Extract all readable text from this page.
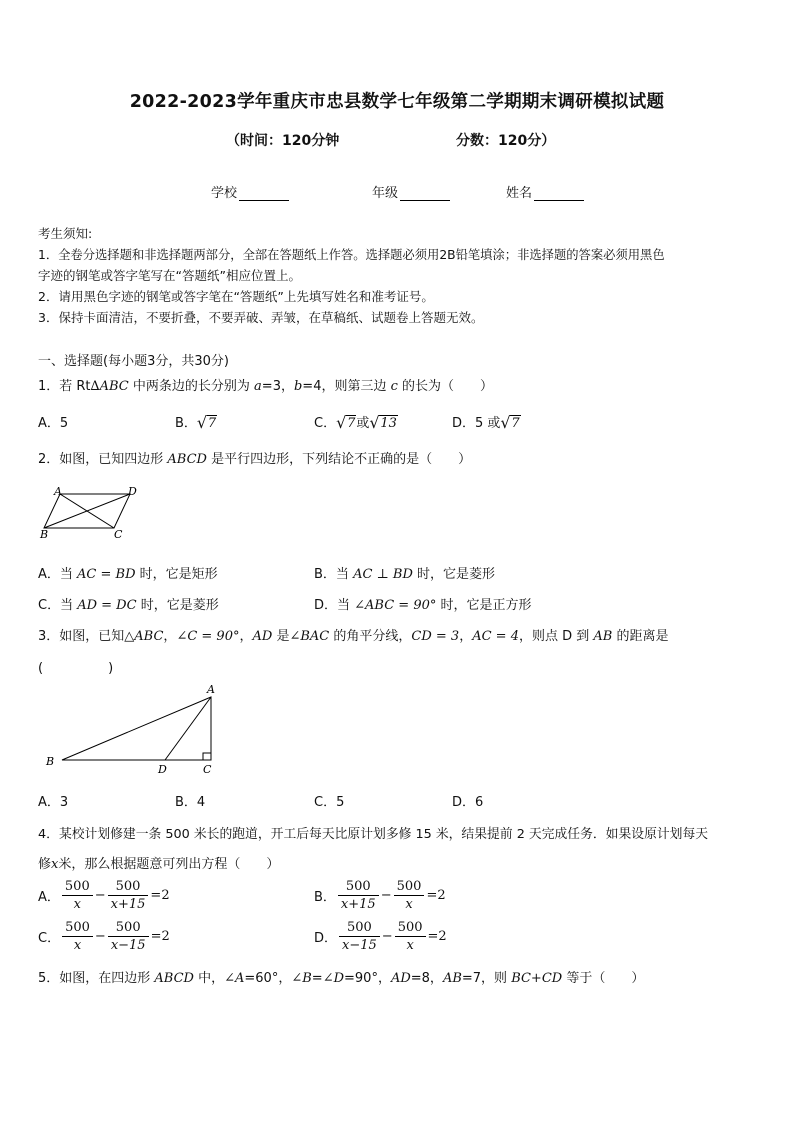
2022-2023学年重庆市忠县数学七年级第二学期期末调研模拟试题
（时间：120分钟	分数：120分）
学校	年级	姓名
考生须知:
1．全卷分选择题和非选择题两部分，全部在答题纸上作答。选择题必须用2B铅笔填涂；非选择题的答案必须用黑色
字迹的钢笔或答字笔写在“答题纸”相应位置上。
2．请用黑色字迹的钢笔或答字笔在“答题纸”上先填写姓名和准考证号。
3．保持卡面清洁，不要折叠，不要弄破、弄皱，在草稿纸、试题卷上答题无效。
一、选择题(每小题3分，共30分)
1．若 Rt∆ABC 中两条边的长分别为 a=3，b=4，则第三边 c 的长为（　　）
A．5	B． √ 7	C． √ 7或 √ 13	D．5 或 √ 7
2．如图，已知四边形 ABCD 是平行四边形，下列结论不正确的是（　　）
A	D
B	C
A．当 AC = BD 时，它是矩形	B．当 AC ⊥ BD 时，它是菱形
C．当 AD = DC 时，它是菱形	D．当 ∠ABC = 90° 时，它是正方形
3．如图，已知△ABC，∠C = 90°，AD 是∠BAC 的角平分线，CD = 3，AC = 4，则点 D 到 AB 的距离是
(　　　　　)
A
B
D	C
A．3	B．4	C．5	D．6
4．某校计划修建一条 500 米长的跑道，开工后每天比原计划多修 15 米，结果提前 2 天完成任务．如果设原计划每天
修x米，那么根据题意可列出方程（　　）
A． $\frac{500}{x} - \frac{500}{x+15} =2$	B． $\frac{500}{x+15} - \frac{500}{x} =2$
C． $\frac{500}{x} - \frac{500}{x-15} =2$	D． $\frac{500}{x-15} - \frac{500}{x} =2$
5．如图，在四边形 ABCD 中，∠A=60°，∠B=∠D=90°，AD=8，AB=7，则 BC+CD 等于（　　）
